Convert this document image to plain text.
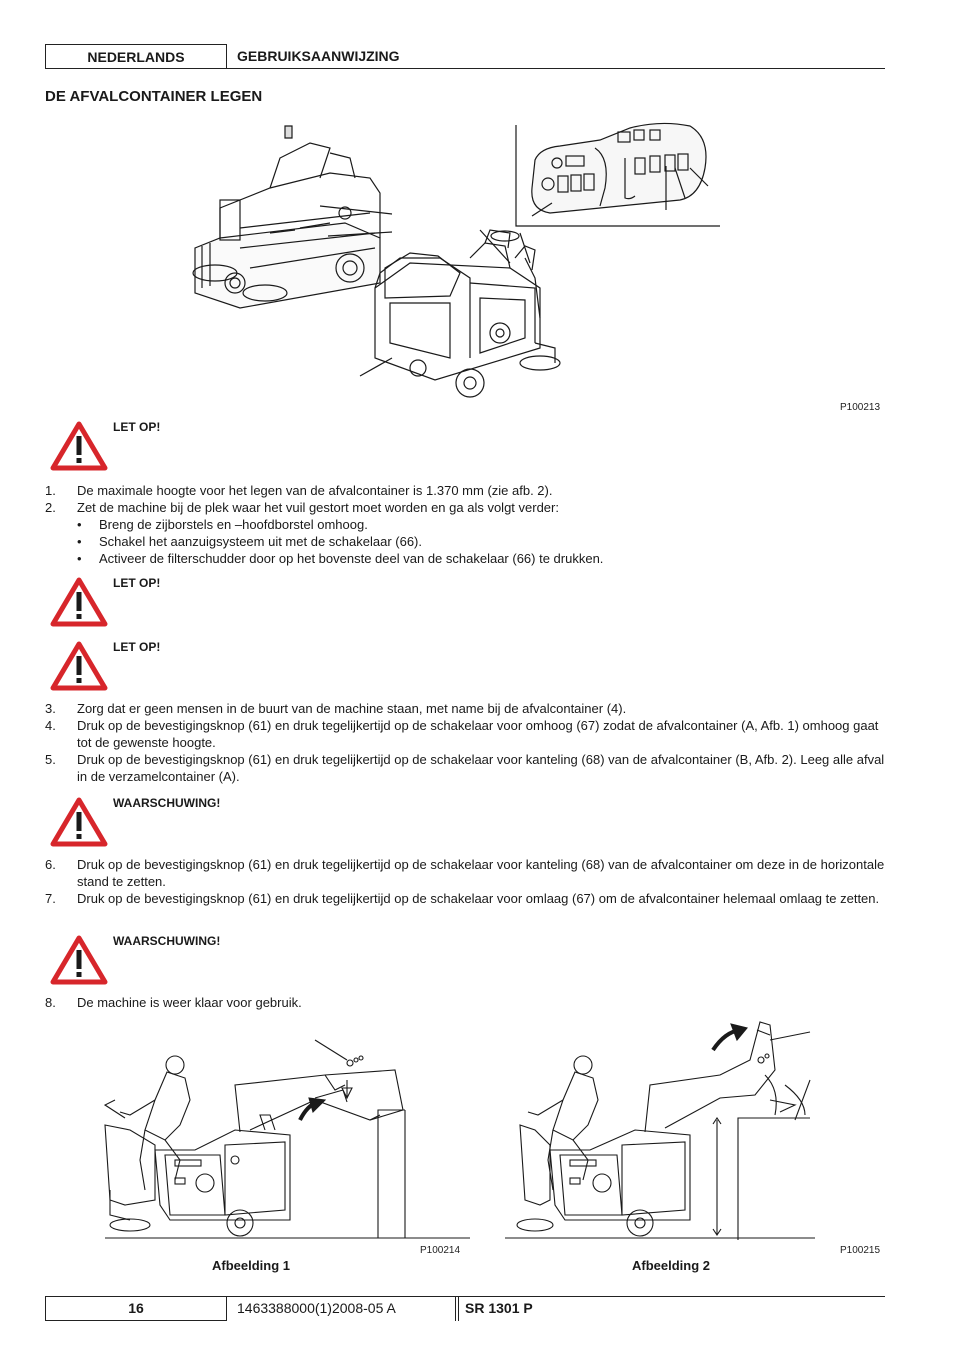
NEDERLANDS	GEBRUIKSAANWIJZING
DE AFVALCONTAINER LEGEN
P100213
LET OP!
1. De maximale hoogte voor het legen van de afvalcontainer is 1.370 mm (zie afb. 2).
2. Zet de machine bij de plek waar het vuil gestort moet worden en ga als volgt verder:
• Breng de zijborstels en –hoofdborstel omhoog.
• Schakel het aanzuigsysteem uit met de schakelaar (66).
• Activeer de filterschudder door op het bovenste deel van de schakelaar (66) te drukken.
LET OP!
LET OP!
3. Zorg dat er geen mensen in de buurt van de machine staan, met name bij de afvalcontainer (4).
4. Druk op de bevestigingsknop (61) en druk tegelijkertijd op de schakelaar voor omhoog (67) zodat de afvalcontainer (A, Afb. 1) omhoog gaat tot de gewenste hoogte.
5. Druk op de bevestigingsknop (61) en druk tegelijkertijd op de schakelaar voor kanteling (68) van de afvalcontainer (B, Afb. 2). Leeg alle afval in de verzamelcontainer (A).
WAARSCHUWING!
6. Druk op de bevestigingsknop (61) en druk tegelijkertijd op de schakelaar voor kanteling (68) van de afvalcontainer om deze in de horizontale stand te zetten.
7. Druk op de bevestigingsknop (61) en druk tegelijkertijd op de schakelaar voor omlaag (67) om de afvalcontainer helemaal omlaag te zetten.
WAARSCHUWING!
8. De machine is weer klaar voor gebruik.
P100214
Afbeelding 1
P100215
Afbeelding 2
16	1463388000(1)2008-05 A	SR 1301 P
